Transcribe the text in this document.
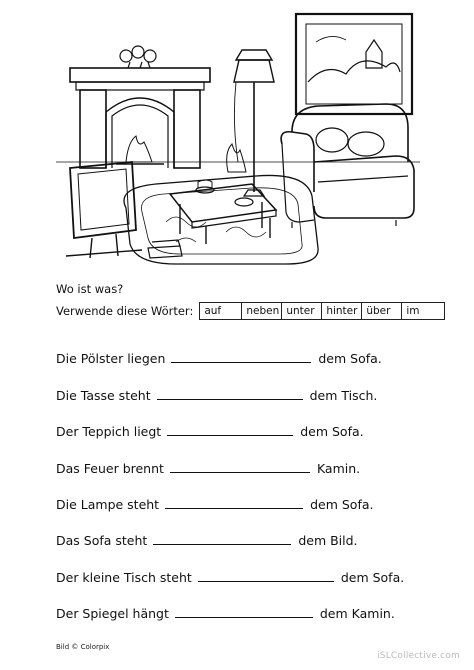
Wo ist was?
Verwende diese Wörter:	auf	neben unter	hinter über	im
Die Pölster liegen	dem Sofa.
Die Tasse steht	dem Tisch.
Der Teppich liegt	dem Sofa.
Das Feuer brennt	Kamin.
Die Lampe steht	dem Sofa.
Das Sofa steht	dem Bild.
Der kleine Tisch steht	dem Sofa.
Der Spiegel hängt	dem Kamin.
Bild © Colorpix
iSLCollective.com
